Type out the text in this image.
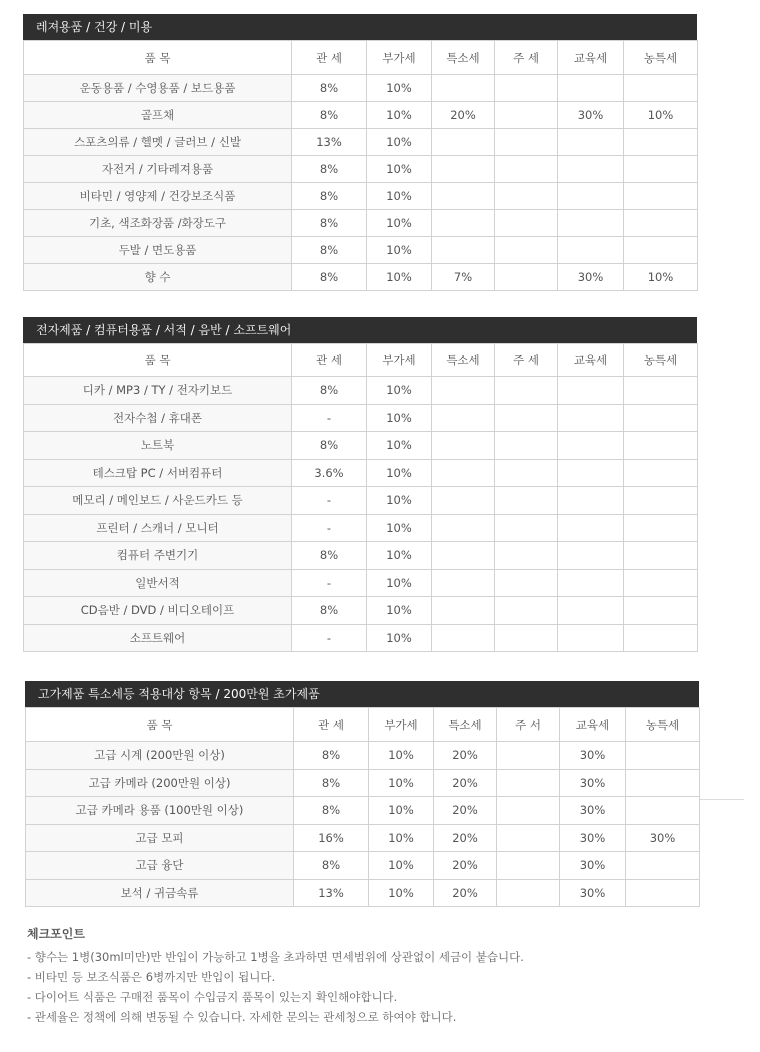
레져용품 / 건강 / 미용
품 목	관 세	부가세	특소세	주 세	교육세	농특세
운동용품 / 수영용품 / 보드용품	8%	10%				
골프채	8%	10%	20%		30%	10%
스포츠의류 / 헬멧 / 글러브 / 신발	13%	10%				
자전거 / 기타레져용품	8%	10%				
비타민 / 영양제 / 건강보조식품	8%	10%				
기초, 색조화장품 /화장도구	8%	10%				
두발 / 면도용품	8%	10%				
향 수	8%	10%	7%		30%	10%
전자제품 / 컴퓨터용품 / 서적 / 음반 / 소프트웨어
품 목	관 세	부가세	특소세	주 세	교육세	농특세
디카 / MP3 / TY / 전자키보드	8%	10%				
전자수첩 / 휴대폰	-	10%				
노트북	8%	10%				
테스크탑 PC / 서버컴퓨터	3.6%	10%				
메모리 / 메인보드 / 사운드카드 등	-	10%				
프린터 / 스캐너 / 모니터	-	10%				
컴퓨터 주변기기	8%	10%				
일반서적	-	10%				
CD음반 / DVD / 비디오테이프	8%	10%				
소프트웨어	-	10%				
고가제품 특소세등 적용대상 항목 / 200만원 초가제품
품 목	관 세	부가세	특소세	주 서	교육세	농특세
고급 시계 (200만원 이상)	8%	10%	20%		30%	
고급 카메라 (200만원 이상)	8%	10%	20%		30%	
고급 카메라 용품 (100만원 이상)	8%	10%	20%		30%	
고급 모피	16%	10%	20%		30%	30%
고급 융단	8%	10%	20%		30%	
보석 / 귀금속류	13%	10%	20%		30%	
체크포인트
- 향수는 1병(30ml미만)만 반입이 가능하고 1병을 초과하면 면세범위에 상관없이 세금이 붙습니다.
- 비타민 등 보조식품은 6병까지만 반입이 됩니다.
- 다이어트 식품은 구매전 품목이 수입금지 품목이 있는지 확인해야합니다.
- 관세율은 정책에 의해 변동될 수 있습니다. 자세한 문의는 관세청으로 하여야 합니다.
